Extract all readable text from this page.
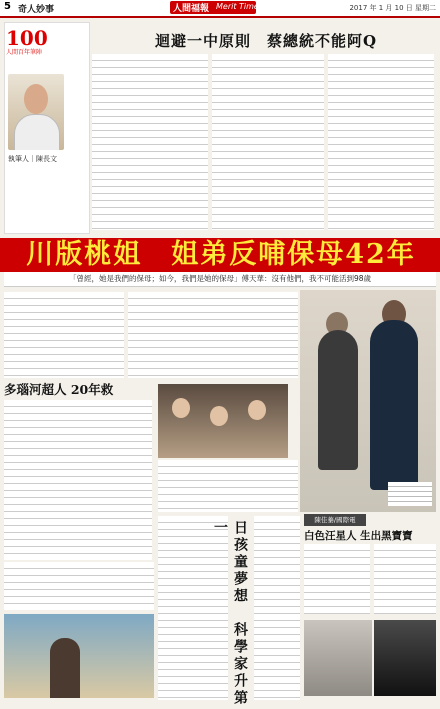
5 奇人妙事	人間福報 Merit Times	2017 年 1 月 10 日 星期二
100
人間百年筆陣
執筆人｜陳長文
迴避一中原則　蔡總統不能阿Q
川版桃姐　姐弟反哺保母42年
「曾經，她是我們的保母；如今，我們是她的保母」傅天華：沒有他們，我不可能活到98歲
多瑙河超人 20年救
日孩童夢想　科學家升第一	陳佳蓁/國際電
白色汪星人 生出黑寶寶
